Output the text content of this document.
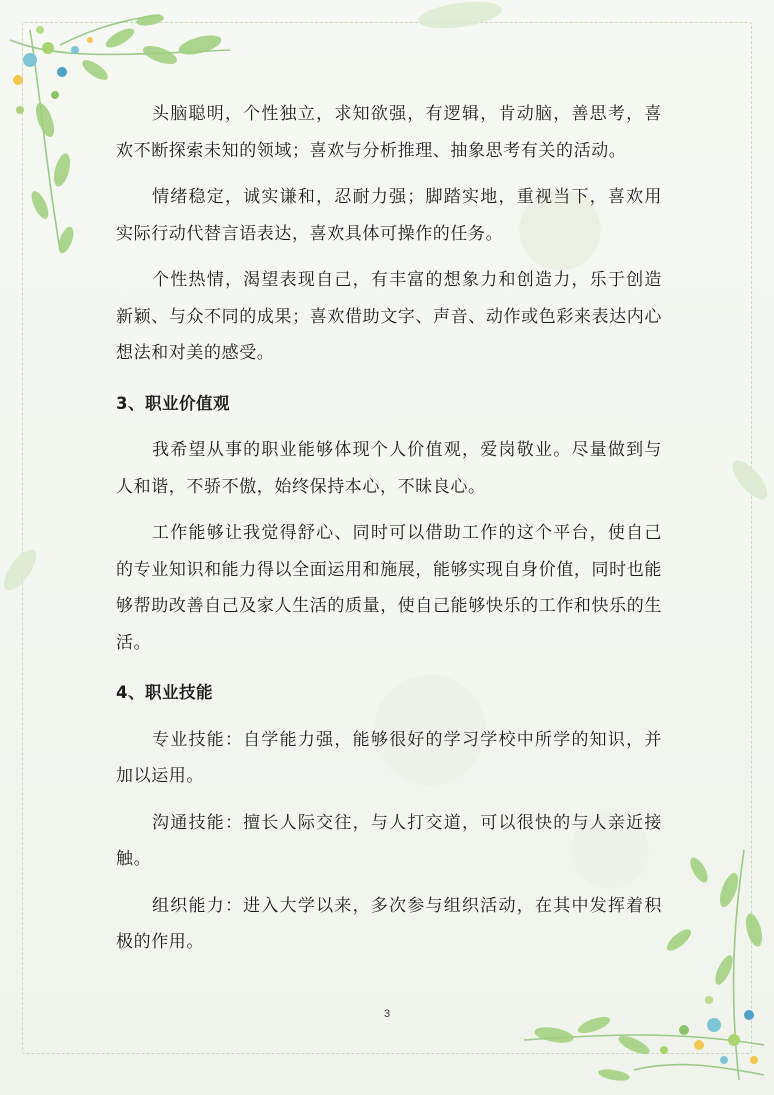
头脑聪明，个性独立，求知欲强，有逻辑，肯动脑，善思考，喜欢不断探索未知的领域；喜欢与分析推理、抽象思考有关的活动。

情绪稳定，诚实谦和，忍耐力强；脚踏实地，重视当下，喜欢用实际行动代替言语表达，喜欢具体可操作的任务。

个性热情，渴望表现自己，有丰富的想象力和创造力，乐于创造新颖、与众不同的成果；喜欢借助文字、声音、动作或色彩来表达内心想法和对美的感受。

3、职业价值观

我希望从事的职业能够体现个人价值观，爱岗敬业。尽量做到与人和谐，不骄不傲，始终保持本心，不昧良心。

工作能够让我觉得舒心、同时可以借助工作的这个平台，使自己的专业知识和能力得以全面运用和施展，能够实现自身价值，同时也能够帮助改善自己及家人生活的质量，使自己能够快乐的工作和快乐的生活。

4、职业技能

专业技能：自学能力强，能够很好的学习学校中所学的知识，并加以运用。

沟通技能：擅长人际交往，与人打交道，可以很快的与人亲近接触。

组织能力：进入大学以来，多次参与组织活动，在其中发挥着积极的作用。

3
